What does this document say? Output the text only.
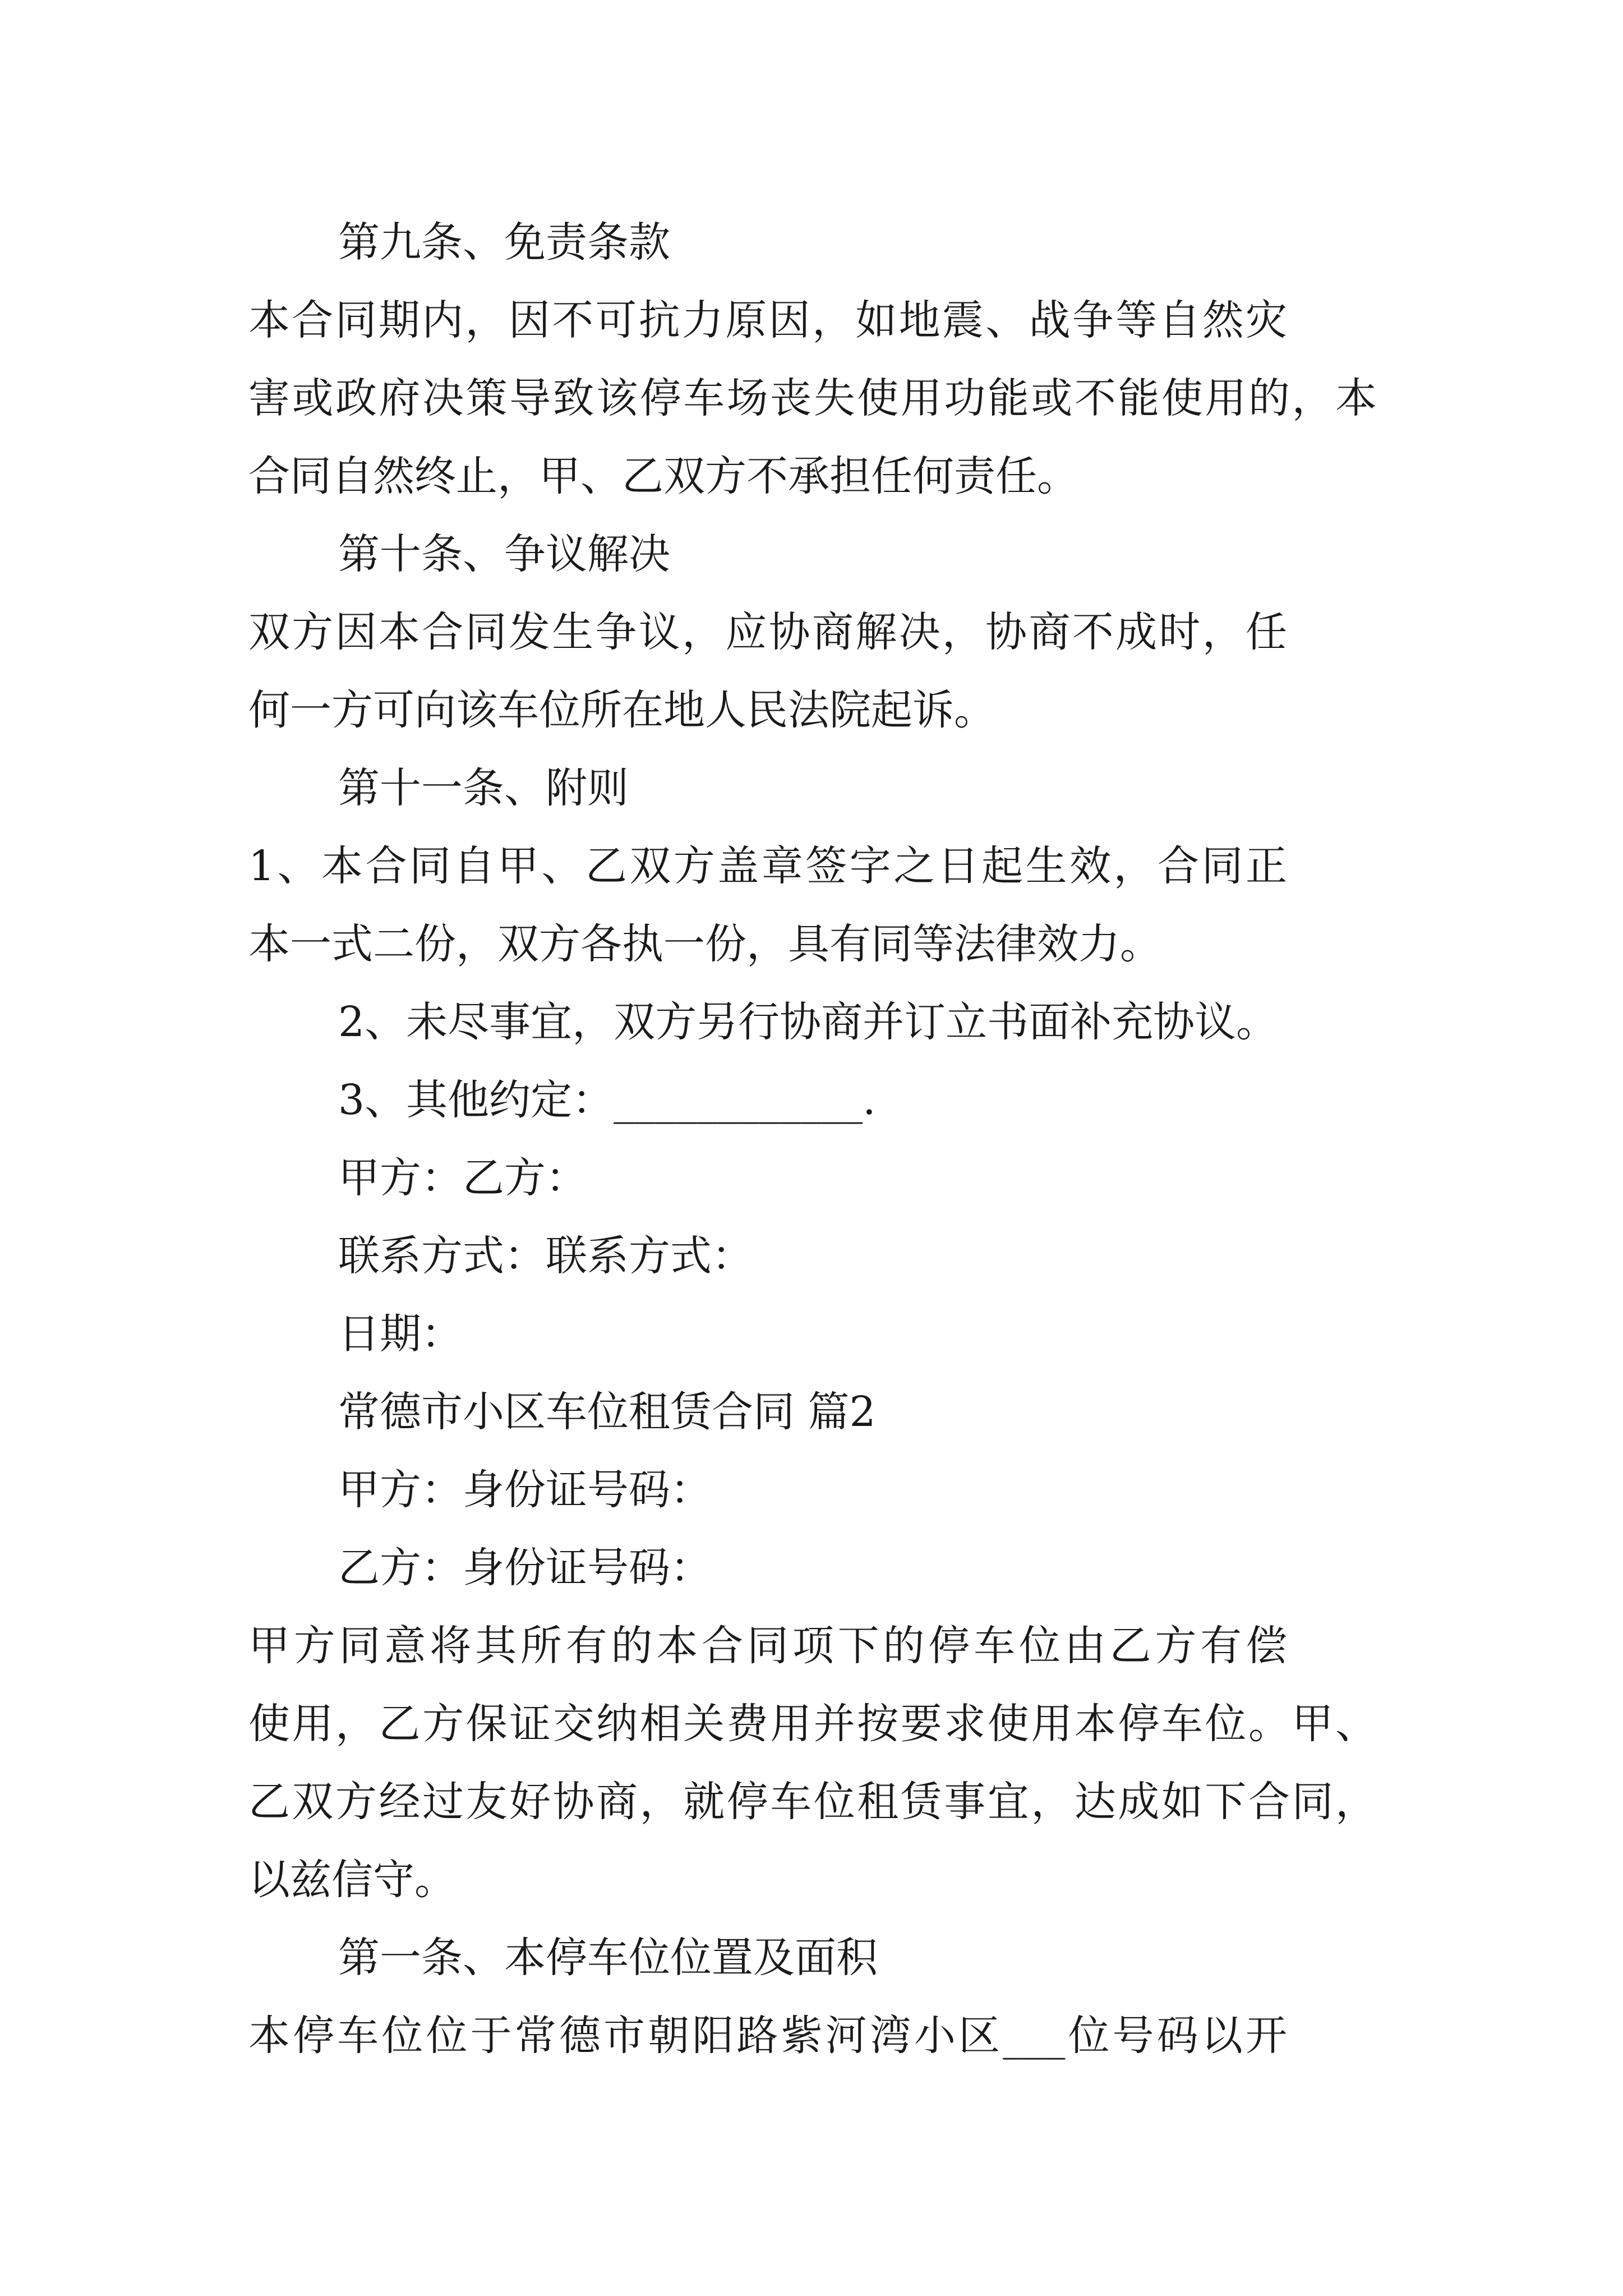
第九条、免责条款

本合同期内，因不可抗力原因，如地震、战争等自然灾

害或政府决策导致该停车场丧失使用功能或不能使用的，本

合同自然终止，甲、乙双方不承担任何责任。

第十条、争议解决

双方因本合同发生争议，应协商解决，协商不成时，任

何一方可向该车位所在地人民法院起诉。

第十一条、附则

1、本合同自甲、乙双方盖章签字之日起生效，合同正

本一式二份，双方各执一份，具有同等法律效力。

2、未尽事宜，双方另行协商并订立书面补充协议。

3、其他约定：____________.

甲方：乙方：

联系方式：联系方式：

日期：

常德市小区车位租赁合同 篇2

甲方：身份证号码：

乙方：身份证号码：

甲方同意将其所有的本合同项下的停车位由乙方有偿

使用，乙方保证交纳相关费用并按要求使用本停车位。甲、

乙双方经过友好协商，就停车位租赁事宜，达成如下合同，

以兹信守。

第一条、本停车位位置及面积

本停车位位于常德市朝阳路紫河湾小区___位号码以开
